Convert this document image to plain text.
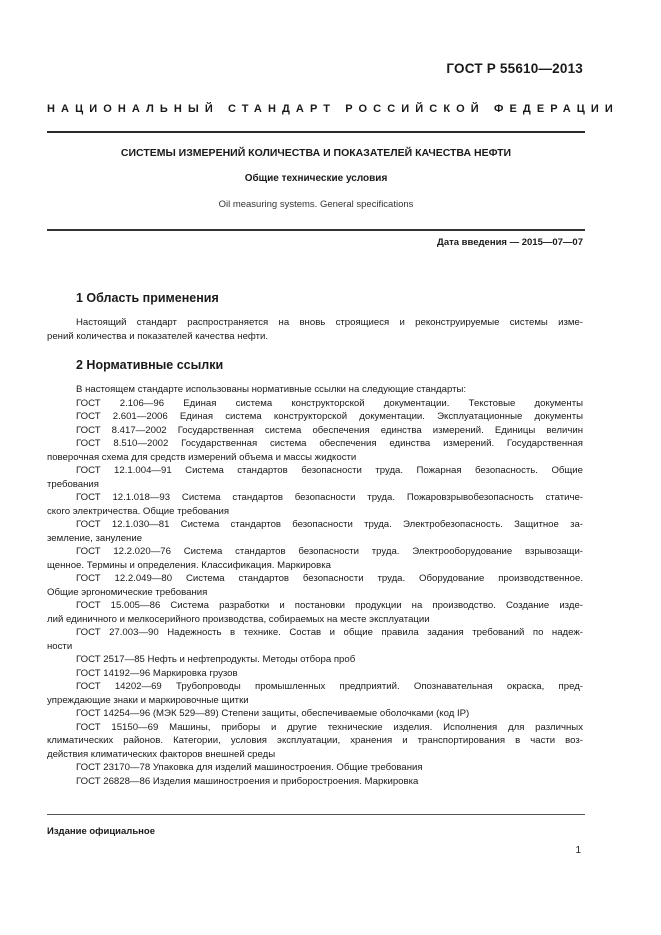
ГОСТ Р 55610—2013
НАЦИОНАЛЬНЫЙ СТАНДАРТ РОССИЙСКОЙ ФЕДЕРАЦИИ
СИСТЕМЫ ИЗМЕРЕНИЙ КОЛИЧЕСТВА И ПОКАЗАТЕЛЕЙ КАЧЕСТВА НЕФТИ
Общие технические условия
Oil measuring systems. General specifications
Дата введения — 2015—07—07
1 Область применения
Настоящий стандарт распространяется на вновь строящиеся и реконструируемые системы изме-
рений количества и показателей качества нефти.
2 Нормативные ссылки
В настоящем стандарте использованы нормативные ссылки на следующие стандарты:
ГОСТ 2.106—96 Единая система конструкторской документации. Текстовые документы
ГОСТ 2.601—2006 Единая система конструкторской документации. Эксплуатационные документы
ГОСТ 8.417—2002 Государственная система обеспечения единства измерений. Единицы величин
ГОСТ 8.510—2002 Государственная система обеспечения единства измерений. Государственная
поверочная схема для средств измерений объема и массы жидкости
ГОСТ 12.1.004—91 Система стандартов безопасности труда. Пожарная безопасность. Общие
требования
ГОСТ 12.1.018—93 Система стандартов безопасности труда. Пожаровзрывобезопасность статиче-
ского электричества. Общие требования
ГОСТ 12.1.030—81 Система стандартов безопасности труда. Электробезопасность. Защитное за-
земление, зануление
ГОСТ 12.2.020—76 Система стандартов безопасности труда. Электрооборудование взрывозащи-
щенное. Термины и определения. Классификация. Маркировка
ГОСТ 12.2.049—80 Система стандартов безопасности труда. Оборудование производственное.
Общие эргономические требования
ГОСТ 15.005—86 Система разработки и постановки продукции на производство. Создание изде-
лий единичного и мелкосерийного производства, собираемых на месте эксплуатации
ГОСТ 27.003—90 Надежность в технике. Состав и общие правила задания требований по надеж-
ности
ГОСТ 2517—85 Нефть и нефтепродукты. Методы отбора проб
ГОСТ 14192—96 Маркировка грузов
ГОСТ 14202—69 Трубопроводы промышленных предприятий. Опознавательная окраска, пред-
упреждающие знаки и маркировочные щитки
ГОСТ 14254—96 (МЭК 529—89) Степени защиты, обеспечиваемые оболочками (код IP)
ГОСТ 15150—69 Машины, приборы и другие технические изделия. Исполнения для различных
климатических районов. Категории, условия эксплуатации, хранения и транспортирования в части воз-
действия климатических факторов внешней среды
ГОСТ 23170—78 Упаковка для изделий машиностроения. Общие требования
ГОСТ 26828—86 Изделия машиностроения и приборостроения. Маркировка
Издание официальное
1
